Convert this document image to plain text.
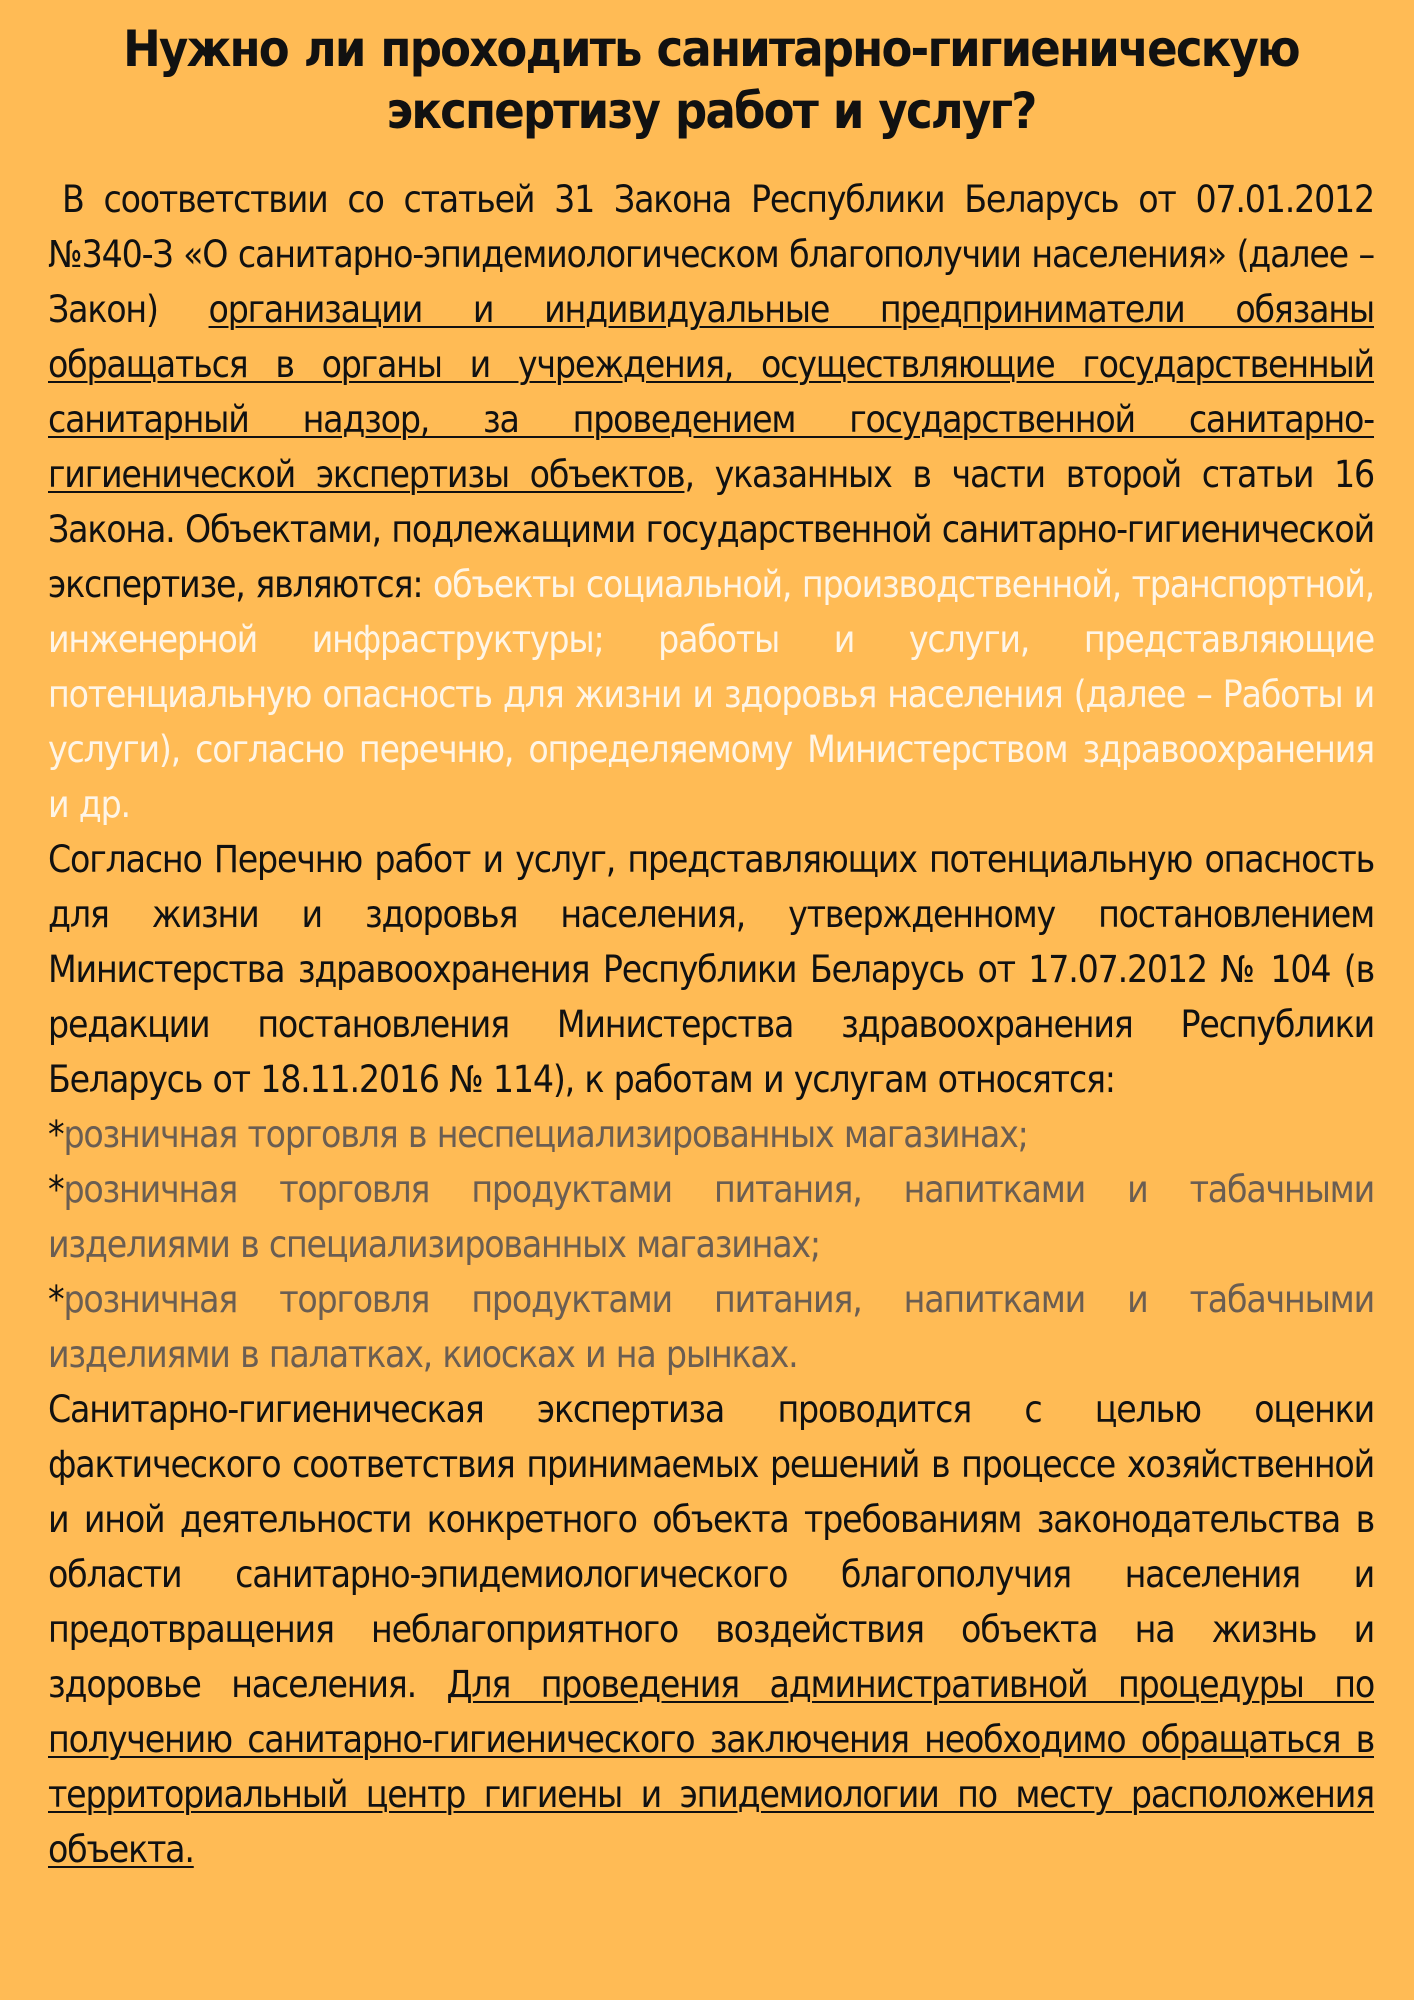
Нужно ли проходить санитарно-гигиеническую
экспертизу работ и услуг?
В соответствии со статьей 31 Закона Республики Беларусь от 07.01.2012 №340-З «О санитарно-эпидемиологическом благополучии населения» (далее – Закон) организации и индивидуальные предприниматели обязаны обращаться в органы и учреждения, осуществляющие государственный санитарный надзор, за проведением государственной санитарно-гигиенической экспертизы объектов, указанных в части второй статьи 16 Закона. Объектами, подлежащими государственной санитарно-гигиенической экспертизе, являются: объекты социальной, производственной, транспортной, инженерной инфраструктуры; работы и услуги, представляющие потенциальную опасность для жизни и здоровья населения (далее – Работы и услуги), согласно перечню, определяемому Министерством здравоохранения и др.
Согласно Перечню работ и услуг, представляющих потенциальную опасность для жизни и здоровья населения, утвержденному постановлением Министерства здравоохранения Республики Беларусь от 17.07.2012 № 104 (в редакции постановления Министерства здравоохранения Республики Беларусь от 18.11.2016 № 114), к работам и услугам относятся:
*розничная торговля в неспециализированных магазинах;
*розничная торговля продуктами питания, напитками и табачными изделиями в специализированных магазинах;
*розничная торговля продуктами питания, напитками и табачными изделиями в палатках, киосках и на рынках.
Санитарно-гигиеническая экспертиза проводится с целью оценки фактического соответствия принимаемых решений в процессе хозяйственной и иной деятельности конкретного объекта требованиям законодательства в области санитарно-эпидемиологического благополучия населения и предотвращения неблагоприятного воздействия объекта на жизнь и здоровье населения. Для проведения административной процедуры по получению санитарно-гигиенического заключения необходимо обращаться в территориальный центр гигиены и эпидемиологии по месту расположения объекта.
